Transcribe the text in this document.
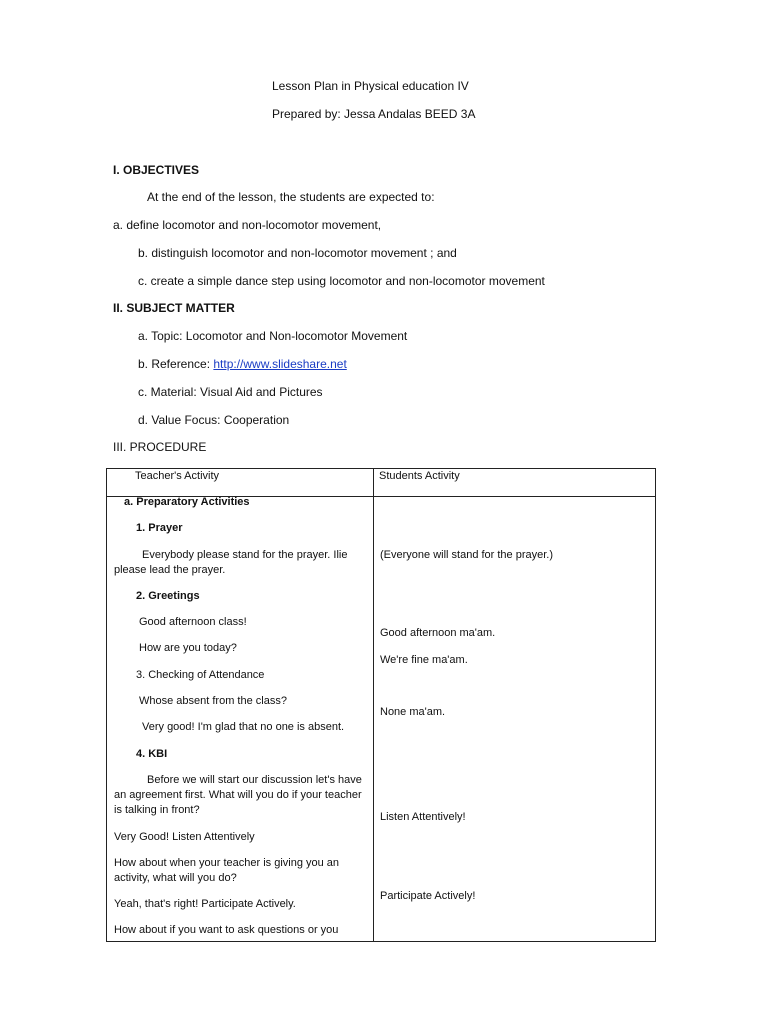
Lesson Plan in Physical education IV
Prepared by: Jessa Andalas BEED 3A
I. OBJECTIVES
At the end of the lesson, the students are expected to:
a. define locomotor and non-locomotor movement,
b. distinguish locomotor and non-locomotor movement ; and
c. create a simple dance step using locomotor and non-locomotor movement
II. SUBJECT MATTER
a. Topic: Locomotor and Non-locomotor Movement
b. Reference: http://www.slideshare.net
c. Material: Visual Aid and Pictures
d. Value Focus: Cooperation
III. PROCEDURE
Teacher's Activity	Students Activity
a. Preparatory Activities
1. Prayer
Everybody please stand for the prayer. Ilie please lead the prayer.
2. Greetings
Good afternoon class!
How are you today?
3. Checking of Attendance
Whose absent from the class?
Very good! I'm glad that no one is absent.
4. KBI
Before we will start our discussion let's have an agreement first. What will you do if your teacher is talking in front?
Very Good! Listen Attentively
How about when your teacher is giving you an activity, what will you do?
Yeah, that's right! Participate Actively.
How about if you want to ask questions or you
(Everyone will stand for the prayer.)
Good afternoon ma'am.
We're fine ma'am.
None ma'am.
Listen Attentively!
Participate Actively!
